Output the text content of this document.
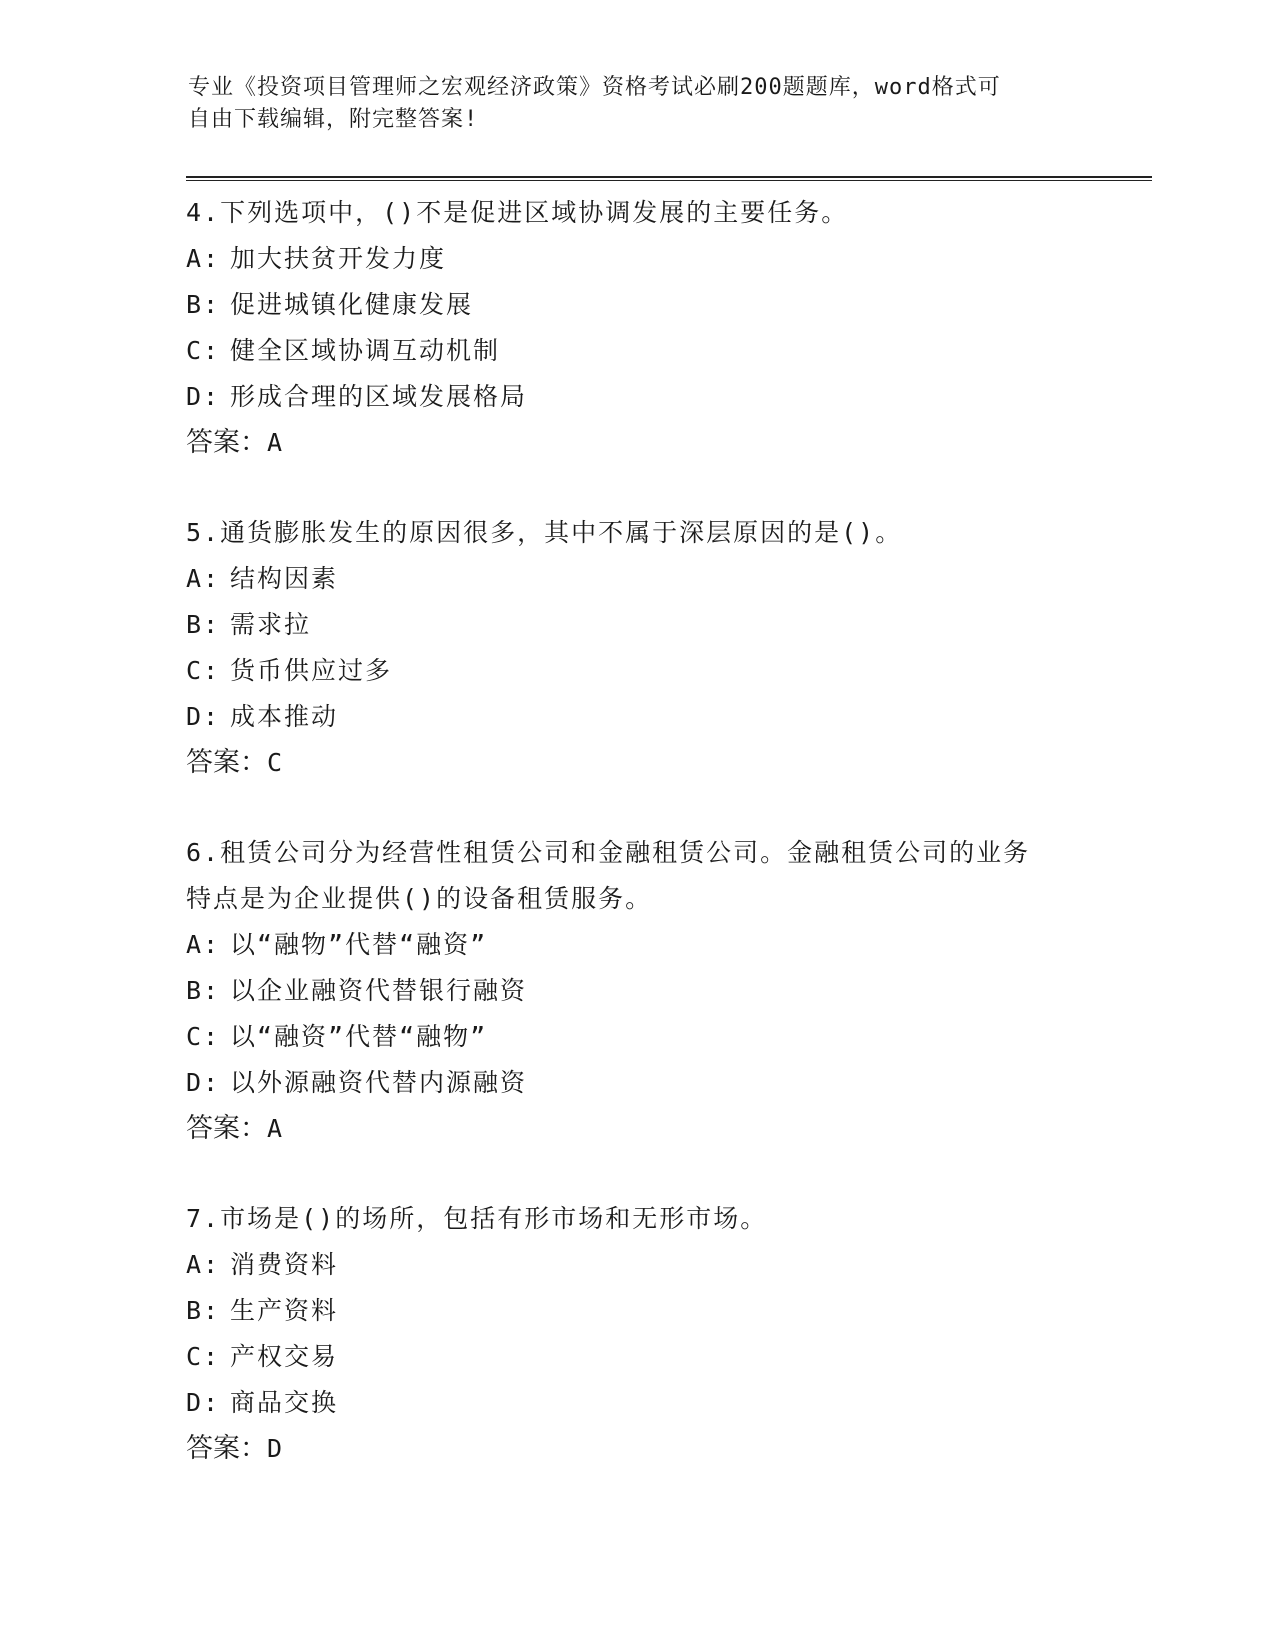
专业《投资项目管理师之宏观经济政策》资格考试必刷200题题库，word格式可
自由下载编辑，附完整答案!
4.下列选项中，()不是促进区域协调发展的主要任务。
A: 加大扶贫开发力度
B: 促进城镇化健康发展
C: 健全区域协调互动机制
D: 形成合理的区域发展格局
答案：A
5.通货膨胀发生的原因很多，其中不属于深层原因的是()。
A: 结构因素
B: 需求拉
C: 货币供应过多
D: 成本推动
答案：C
6.租赁公司分为经营性租赁公司和金融租赁公司。金融租赁公司的业务特点是为企业提供()的设备租赁服务。
A: 以“融物”代替“融资”
B: 以企业融资代替银行融资
C: 以“融资”代替“融物”
D: 以外源融资代替内源融资
答案：A
7.市场是()的场所，包括有形市场和无形市场。
A: 消费资料
B: 生产资料
C: 产权交易
D: 商品交换
答案：D
